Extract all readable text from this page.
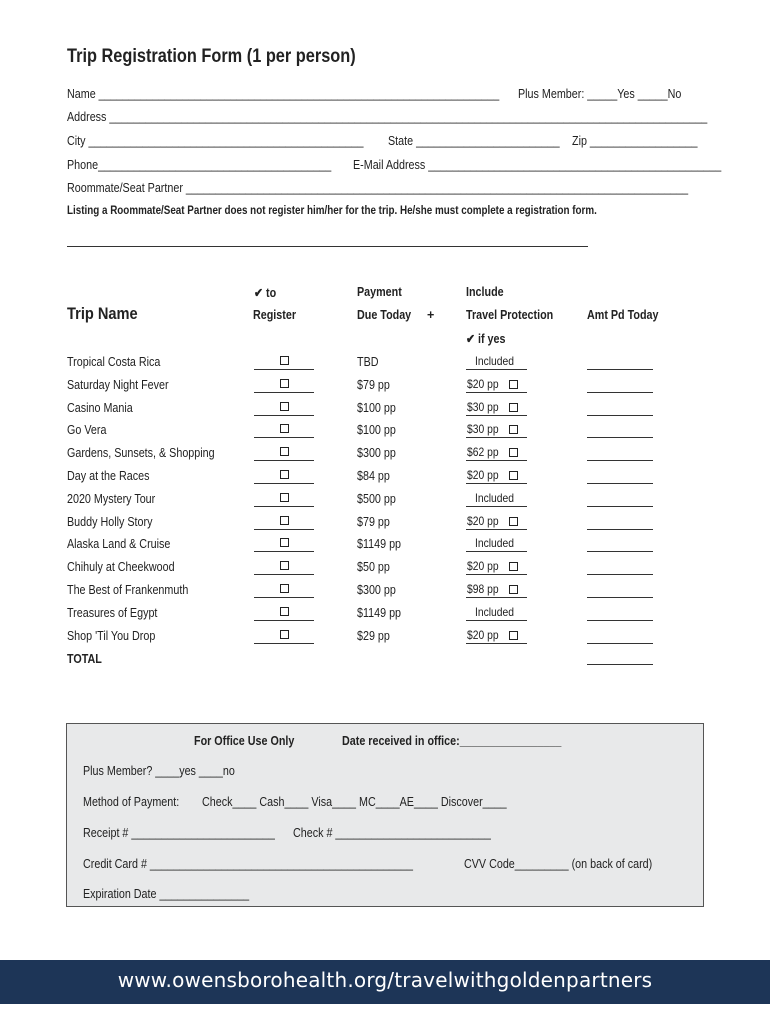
Trip Registration Form (1 per person)
Name ___________________________________________________________________	Plus Member: _____Yes _____No
Address ____________________________________________________________________________________________________
City ______________________________________________	State ________________________ Zip __________________
Phone_______________________________________	E-Mail Address _________________________________________________
Roommate/Seat Partner ____________________________________________________________________________________
Listing a Roommate/Seat Partner does not register him/her for the trip. He/she must complete a registration form.
✔ to	Payment	Include
Trip Name	Register	Due Today	+	Travel Protection	Amt Pd Today
✔ if yes
Tropical Costa Rica	TBD	Included
Saturday Night Fever	$79 pp	$20 pp
Casino Mania	$100 pp	$30 pp
Go Vera	$100 pp	$30 pp
Gardens, Sunsets, & Shopping	$300 pp	$62 pp
Day at the Races	$84 pp	$20 pp
2020 Mystery Tour	$500 pp	Included
Buddy Holly Story	$79 pp	$20 pp
Alaska Land & Cruise	$1149 pp	Included
Chihuly at Cheekwood	$50 pp	$20 pp
The Best of Frankenmuth	$300 pp	$98 pp
Treasures of Egypt	$1149 pp	Included
Shop 'Til You Drop	$29 pp	$20 pp
TOTAL
For Office Use Only	Date received in office:_________________
Plus Member? ____yes ____no
Method of Payment:	Check____ Cash____ Visa____ MC____AE____ Discover____
Receipt # ________________________	Check # __________________________
Credit Card # ____________________________________________	CVV Code_________ (on back of card)
Expiration Date _______________
www.owensborohealth.org/travelwithgoldenpartners
